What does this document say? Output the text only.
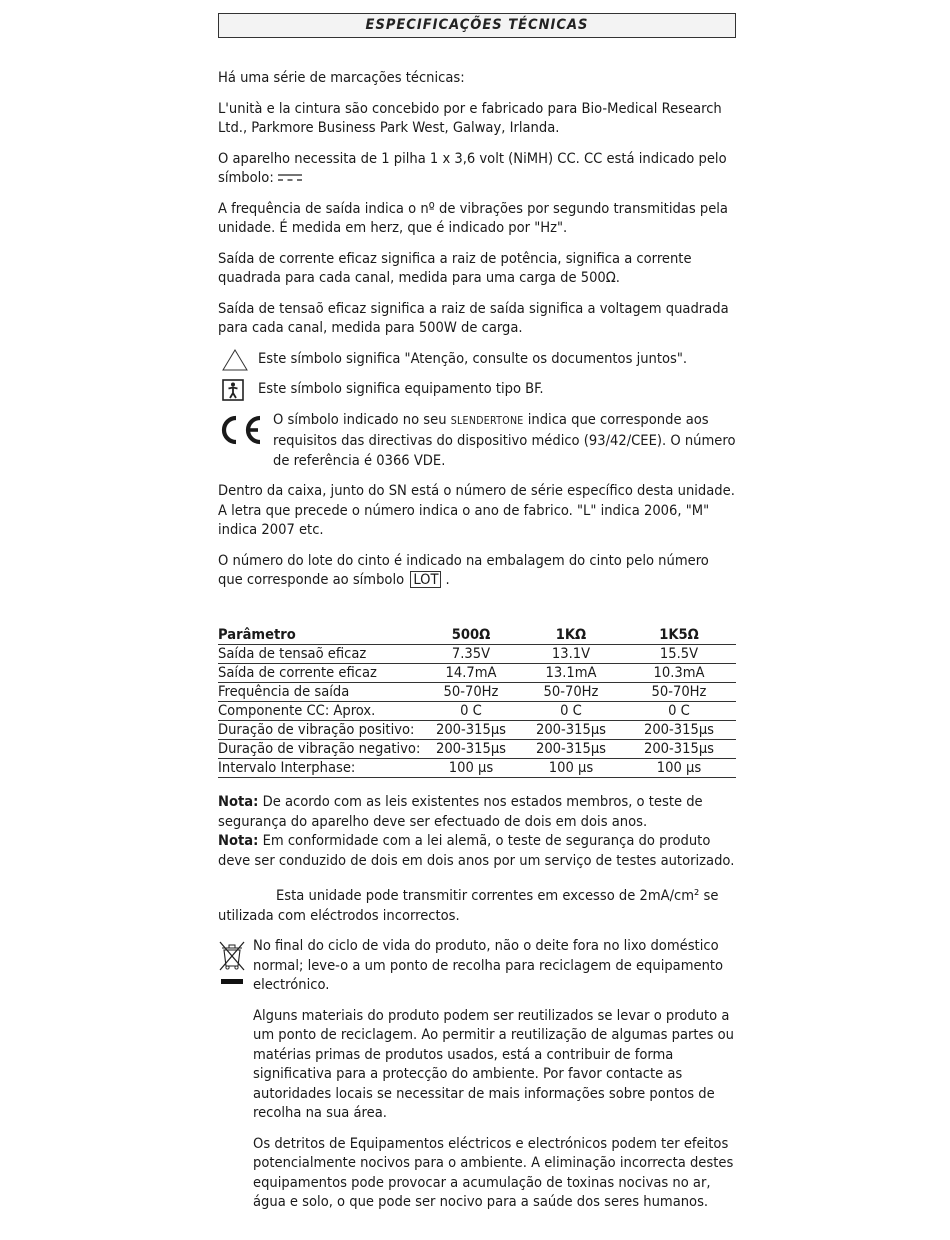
ESPECIFICAÇÕES TÉCNICAS

Há uma série de marcações técnicas:

L'unità e la cintura são concebido por e fabricado para Bio-Medical Research Ltd., Parkmore Business Park West, Galway, Irlanda.

O aparelho necessita de 1 pilha 1 x 3,6 volt (NiMH) CC. CC está indicado pelo símbolo:

A frequência de saída indica o nº de vibrações por segundo transmitidas pela unidade. É medida em herz, que é indicado por "Hz".

Saída de corrente eficaz significa a raiz de potência, significa a corrente quadrada para cada canal, medida para uma carga de 500Ω.

Saída de tensaõ eficaz significa a raiz de saída significa a voltagem quadrada para cada canal, medida para 500W de carga.

Este símbolo significa "Atenção, consulte os documentos juntos".
Este símbolo significa equipamento tipo BF.
O símbolo indicado no seu SLENDERTONE indica que corresponde aos requisitos das directivas do dispositivo médico (93/42/CEE). O número de referência é 0366 VDE.

Dentro da caixa, junto do SN está o número de série específico desta unidade. A letra que precede o número indica o ano de fabrico. "L" indica 2006, "M" indica 2007 etc.

O número do lote do cinto é indicado na embalagem do cinto pelo número que corresponde ao símbolo LOT .

Parâmetro	500Ω	1KΩ	1K5Ω
Saída de tensaõ eficaz	7.35V	13.1V	15.5V
Saída de corrente eficaz	14.7mA	13.1mA	10.3mA
Frequência de saída	50-70Hz	50-70Hz	50-70Hz
Componente CC: Aprox.	0 C	0 C	0 C
Duração de vibração positivo:	200-315µs	200-315µs	200-315µs
Duração de vibração negativo:	200-315µs	200-315µs	200-315µs
Intervalo Interphase:	100 µs	100 µs	100 µs

Nota: De acordo com as leis existentes nos estados membros, o teste de segurança do aparelho deve ser efectuado de dois em dois anos.

Nota: Em conformidade com a lei alemã, o teste de segurança do produto deve ser conduzido de dois em dois anos por um serviço de testes autorizado.

Esta unidade pode transmitir correntes em excesso de 2mA/cm² se utilizada com eléctrodos incorrectos.

No final do ciclo de vida do produto, não o deite fora no lixo doméstico normal; leve-o a um ponto de recolha para reciclagem de equipamento electrónico.

Alguns materiais do produto podem ser reutilizados se levar o produto a um ponto de reciclagem. Ao permitir a reutilização de algumas partes ou matérias primas de produtos usados, está a contribuir de forma significativa para a protecção do ambiente. Por favor contacte as autoridades locais se necessitar de mais informações sobre pontos de recolha na sua área.

Os detritos de Equipamentos eléctricos e electrónicos podem ter efeitos potencialmente nocivos para o ambiente. A eliminação incorrecta destes equipamentos pode provocar a acumulação de toxinas nocivas no ar, água e solo, o que pode ser nocivo para a saúde dos seres humanos.
